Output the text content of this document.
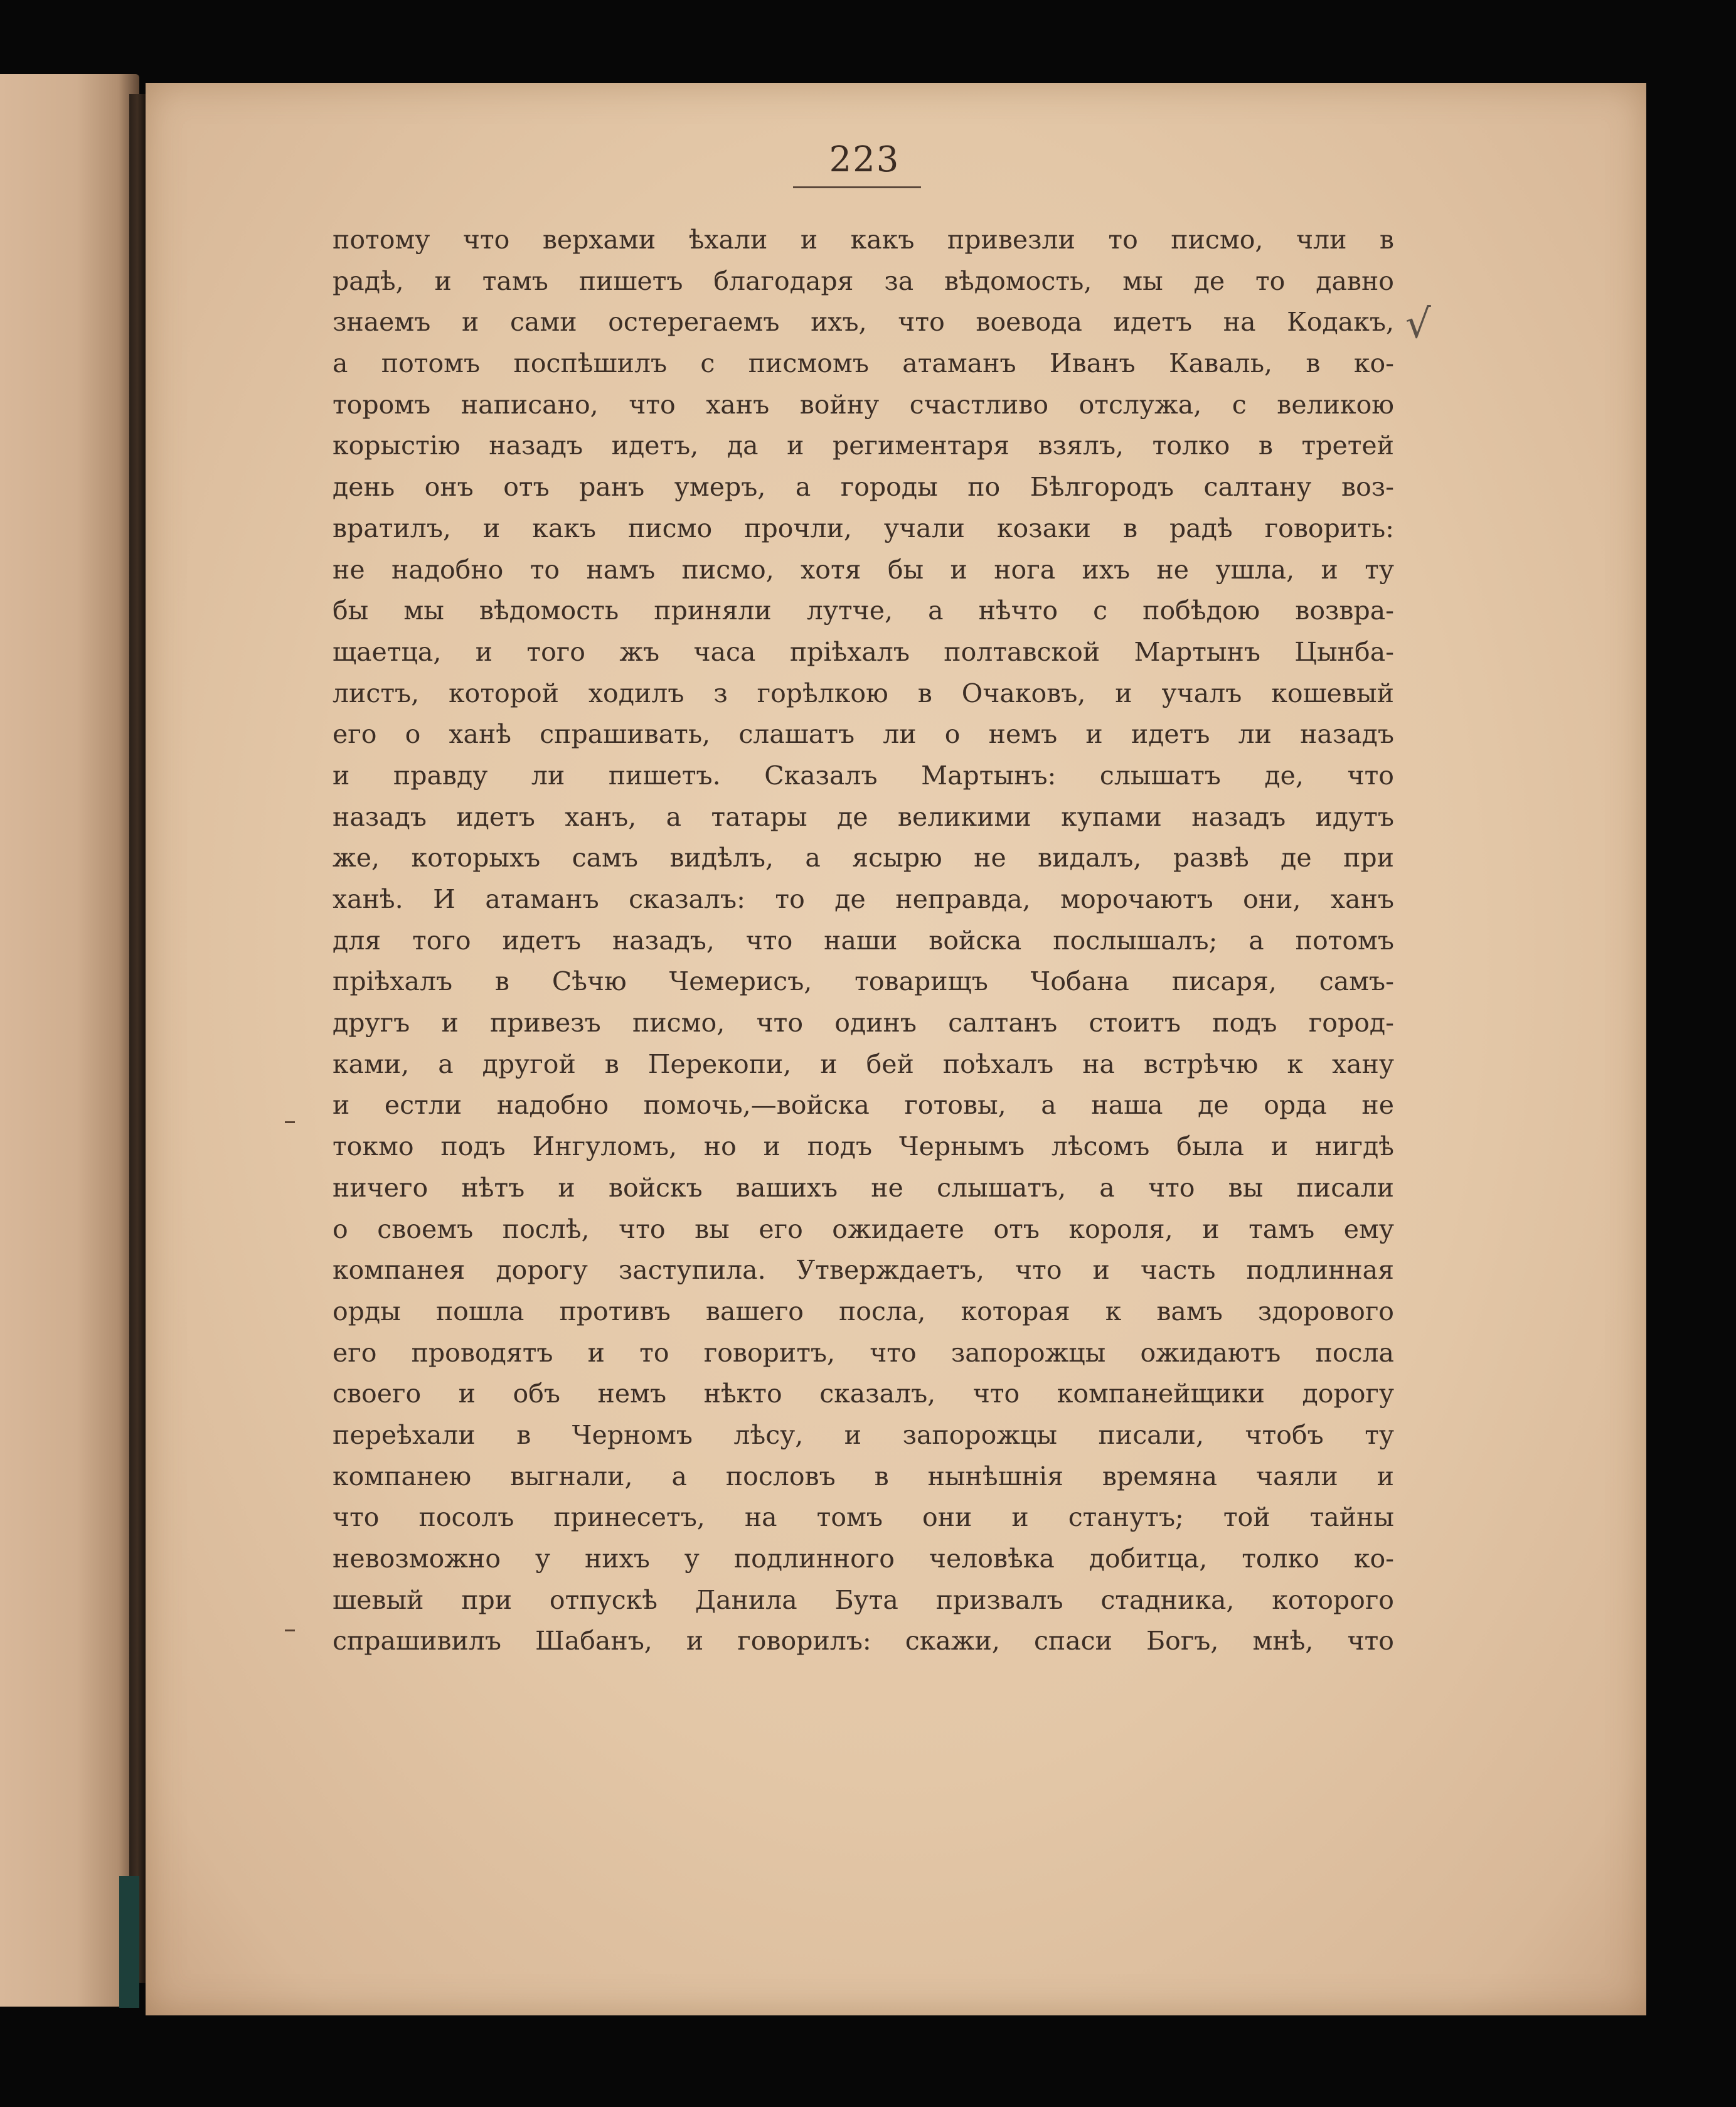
223
√
потому что верхами ѣхали и какъ привезли то писмо, чли в
радѣ, и тамъ пишетъ благодаря за вѣдомость, мы де то давно
знаемъ и сами остерегаемъ ихъ, что воевода идетъ на Кодакъ,
а потомъ поспѣшилъ с писмомъ атаманъ Иванъ Каваль, в ко-
торомъ написано, что ханъ войну счастливо отслужа, с великою
корыстiю назадъ идетъ, да и региментаря взялъ, толко в третей
день онъ отъ ранъ умеръ, а городы по Бѣлгородъ салтану воз-
вратилъ, и какъ писмо прочли, учали козаки в радѣ говорить:
не надобно то намъ писмо, хотя бы и нога ихъ не ушла, и ту
бы мы вѣдомость приняли лутче, а нѣчто с побѣдою возвра-
щаетца, и того жъ часа прiѣхалъ полтавской Мартынъ Цынба-
листъ, которой ходилъ з горѣлкою в Очаковъ, и учалъ кошевый
его о ханѣ спрашивать, слашатъ ли о немъ и идетъ ли назадъ
и правду ли пишетъ. Сказалъ Мартынъ: слышатъ де, что
назадъ идетъ ханъ, а татары де великими купами назадъ идутъ
же, которыхъ самъ видѣлъ, а ясырю не видалъ, развѣ де при
ханѣ. И атаманъ сказалъ: то де неправда, морочаютъ они, ханъ
для того идетъ назадъ, что наши войска послышалъ; а потомъ
прiѣхалъ в Сѣчю Чемерисъ, товарищъ Чобана писаря, самъ-
другъ и привезъ писмо, что одинъ салтанъ стоитъ подъ город-
ками, а другой в Перекопи, и бей поѣхалъ на встрѣчю к хану
и естли надобно помочь,—войска готовы, а наша де орда не
токмо подъ Ингуломъ, но и подъ Чернымъ лѣсомъ была и нигдѣ
ничего нѣтъ и войскъ вашихъ не слышатъ, а что вы писали
о своемъ послѣ, что вы его ожидаете отъ короля, и тамъ ему
компанея дорогу заступила. Утверждаетъ, что и часть подлинная
орды пошла противъ вашего посла, которая к вамъ здорового
его проводятъ и то говоритъ, что запорожцы ожидаютъ посла
своего и объ немъ нѣкто сказалъ, что компанейщики дорогу
переѣхали в Черномъ лѣсу, и запорожцы писали, чтобъ ту
компанею выгнали, а пословъ в нынѣшнiя времяна чаяли и
что посолъ принесетъ, на томъ они и станутъ; той тайны
невозможно у нихъ у подлинного человѣка добитца, толко ко-
шевый при отпускѣ Данила Бута призвалъ стадника, которого
спрашивилъ Шабанъ, и говорилъ: скажи, спаси Богъ, мнѣ, что
